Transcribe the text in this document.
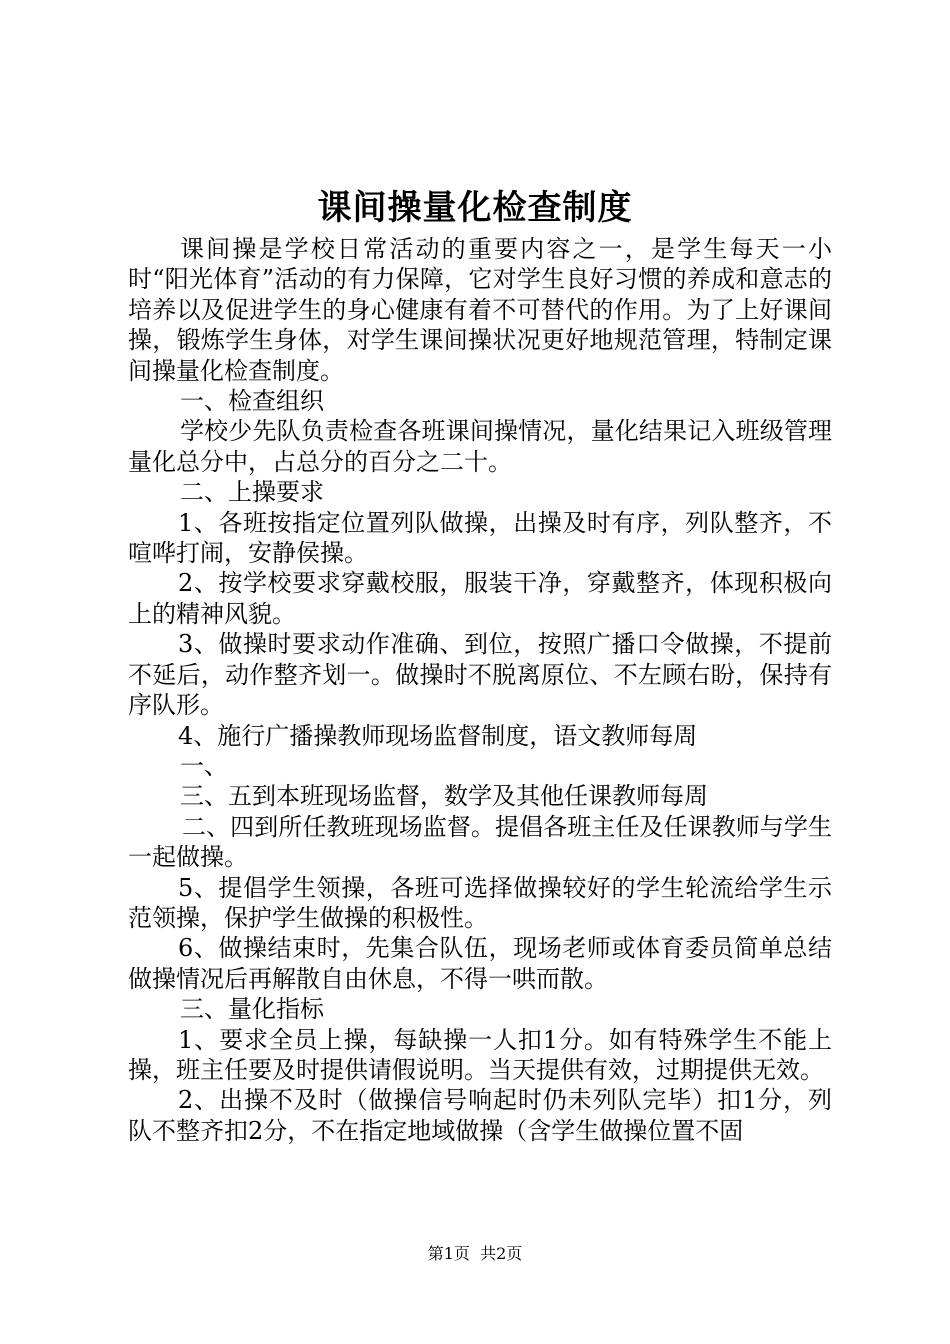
课间操量化检查制度

课间操是学校日常活动的重要内容之一，是学生每天一小时“阳光体育”活动的有力保障，它对学生良好习惯的养成和意志的培养以及促进学生的身心健康有着不可替代的作用。为了上好课间操，锻炼学生身体，对学生课间操状况更好地规范管理，特制定课间操量化检查制度。

一、检查组织

学校少先队负责检查各班课间操情况，量化结果记入班级管理量化总分中，占总分的百分之二十。

二、上操要求

1、各班按指定位置列队做操，出操及时有序，列队整齐，不喧哗打闹，安静侯操。

2、按学校要求穿戴校服，服装干净，穿戴整齐，体现积极向上的精神风貌。

3、做操时要求动作准确、到位，按照广播口令做操，不提前不延后，动作整齐划一。做操时不脱离原位、不左顾右盼，保持有序队形。

4、施行广播操教师现场监督制度，语文教师每周

一、

三、五到本班现场监督，数学及其他任课教师每周

二、四到所任教班现场监督。提倡各班主任及任课教师与学生一起做操。

5、提倡学生领操，各班可选择做操较好的学生轮流给学生示范领操，保护学生做操的积极性。

6、做操结束时，先集合队伍，现场老师或体育委员简单总结做操情况后再解散自由休息，不得一哄而散。

三、量化指标

1、要求全员上操，每缺操一人扣1分。如有特殊学生不能上操，班主任要及时提供请假说明。当天提供有效，过期提供无效。

2、出操不及时（做操信号响起时仍未列队完毕）扣1分，列队不整齐扣2分，不在指定地域做操（含学生做操位置不固

第1页 共2页
